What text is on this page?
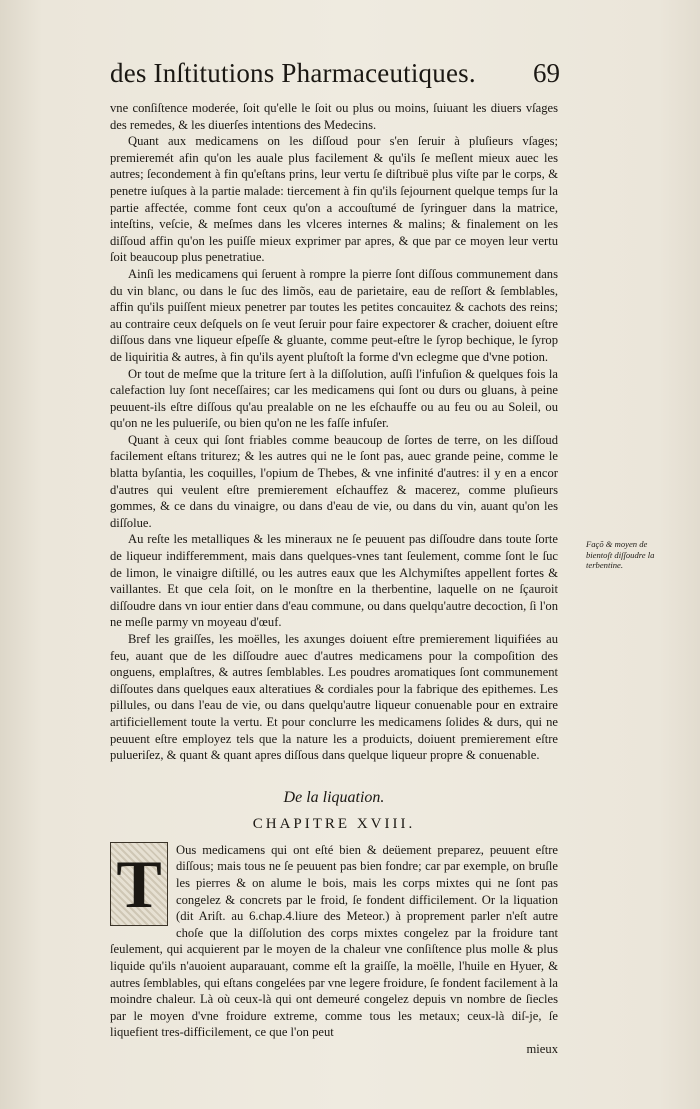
des Inſtitutions Pharmaceutiques. 69

vne conſiſtence moderée, ſoit qu'elle le ſoit ou plus ou moins, ſuiuant les diuers vſages des remedes, & les diuerſes intentions des Medecins.

Quant aux medicamens on les diſſoud pour s'en ſeruir à pluſieurs vſages; premieremét afin qu'on les auale plus facilement & qu'ils ſe meſlent mieux auec les autres; ſecondement à fin qu'eſtans prins, leur vertu ſe diſtribuë plus viſte par le corps, & penetre iuſques à la partie malade: tiercement à fin qu'ils ſejournent quelque temps ſur la partie affectée, comme font ceux qu'on a accouſtumé de ſyringuer dans la matrice, inteſtins, veſcie, & meſmes dans les vlceres internes & malins; & finalement on les diſſoud affin qu'on les puiſſe mieux exprimer par apres, & que par ce moyen leur vertu ſoit beaucoup plus penetratiue.

Ainſi les medicamens qui ſeruent à rompre la pierre ſont diſſous communement dans du vin blanc, ou dans le ſuc des limõs, eau de parietaire, eau de reſſort & ſemblables, affin qu'ils puiſſent mieux penetrer par toutes les petites concauitez & cachots des reins; au contraire ceux deſquels on ſe veut ſeruir pour faire expectorer & cracher, doiuent eſtre diſſous dans vne liqueur eſpeſſe & gluante, comme peut-eſtre le ſyrop bechique, le ſyrop de liquiritia & autres, à fin qu'ils ayent pluſtoſt la forme d'vn eclegme que d'vne potion.

Or tout de meſme que la triture ſert à la diſſolution, auſſi l'infuſion & quelques fois la calefaction luy ſont neceſſaires; car les medicamens qui ſont ou durs ou gluans, à peine peuuent-ils eſtre diſſous qu'au prealable on ne les eſchauffe ou au feu ou au Soleil, ou qu'on ne les pulueriſe, ou bien qu'on ne les faſſe infuſer.

Quant à ceux qui ſont friables comme beaucoup de ſortes de terre, on les diſſoud facilement eſtans triturez; & les autres qui ne le ſont pas, auec grande peine, comme le blatta byſantia, les coquilles, l'opium de Thebes, & vne infinité d'autres: il y en a encor d'autres qui veulent eſtre premierement eſchauffez & macerez, comme pluſieurs gommes, & ce dans du vinaigre, ou dans d'eau de vie, ou dans du vin, auant qu'on les diſſolue.

Au reſte les metalliques & les mineraux ne ſe peuuent pas diſſoudre dans toute ſorte de liqueur indifferemment, mais dans quelques-vnes tant ſeulement, comme ſont le ſuc de limon, le vinaigre diſtillé, ou les autres eaux que les Alchymiſtes appellent fortes & vaillantes. Et que cela ſoit, on le monſtre en la therbentine, laquelle on ne ſçauroit diſſoudre dans vn iour entier dans d'eau commune, ou dans quelqu'autre decoction, ſi l'on ne meſle parmy vn moyeau d'œuf.

Bref les graiſſes, les moëlles, les axunges doiuent eſtre premierement liquifiées au feu, auant que de les diſſoudre auec d'autres medicamens pour la compoſition des onguens, emplaſtres, & autres ſemblables. Les poudres aromatiques ſont communement diſſoutes dans quelques eaux alteratiues & cordiales pour la fabrique des epithemes. Les pillules, ou dans l'eau de vie, ou dans quelqu'autre liqueur conuenable pour en extraire artificiellement toute la vertu. Et pour conclurre les medicamens ſolides & durs, qui ne peuuent eſtre employez tels que la nature les a produicts, doiuent premierement eſtre pulueriſez, & quant & quant apres diſſous dans quelque liqueur propre & conuenable.

De la liquation.
CHAPITRE XVIII.
T	Ous medicamens qui ont eſté bien & deüement preparez, peuuent eſtre diſſous; mais tous ne ſe peuuent pas bien fondre; car par exemple, on bruſle les pierres & on alume le bois, mais les corps mixtes qui ne ſont pas congelez & concrets par le froid, ſe fondent difficilement. Or la liquation (dit Ariſt. au 6.chap.4.liure des Meteor.) à proprement parler n'eſt autre choſe que la diſſolution des corps mixtes congelez par la froidure tant ſeulement, qui acquierent par le moyen de la chaleur vne conſiſtence plus molle & plus liquide qu'ils n'auoient auparauant, comme eſt la graiſſe, la moëlle, l'huile en Hyuer, & autres ſemblables, qui eſtans congelées par vne legere froidure, ſe fondent facilement à la moindre chaleur. Là où ceux-là qui ont demeuré congelez depuis vn nombre de ſiecles par le moyen d'vne froidure extreme, comme tous les metaux; ceux-là diſ-je, ſe liquefient tres-difficilement, ce que l'on peut

mieux
Façõ & moyen de bientoſt diſſoudre la terbentine.
